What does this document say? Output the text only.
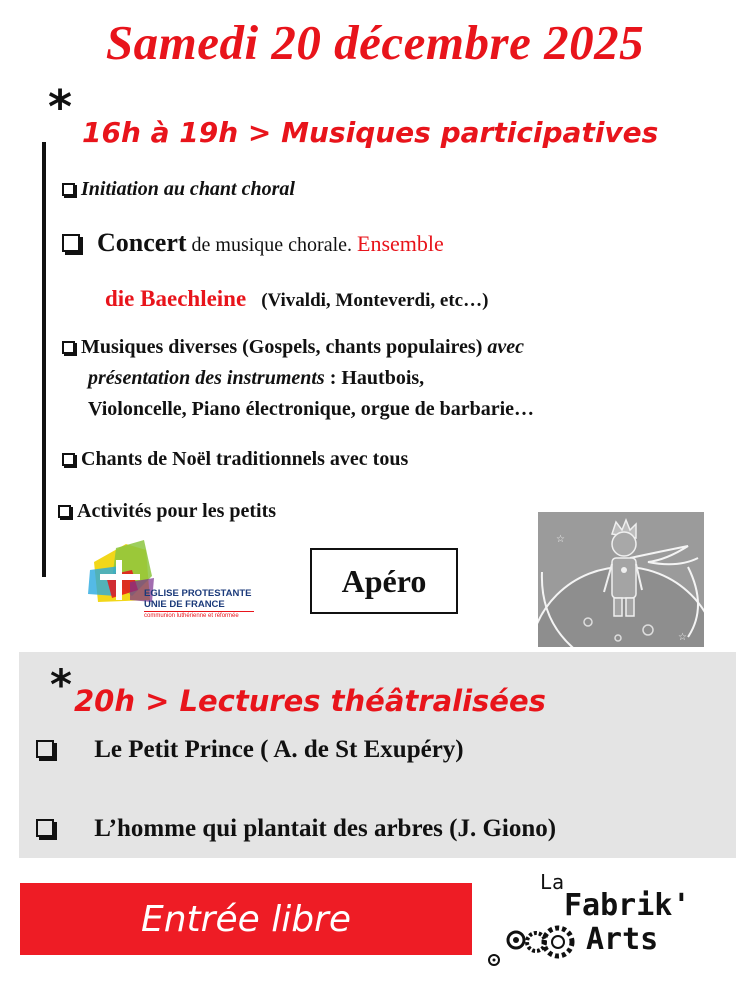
Samedi 20 décembre 2025
* 16h à 19h > Musiques participatives
Initiation au chant choral
Concert de musique chorale. Ensemble
die Baechleine (Vivaldi, Monteverdi, etc…)
Musiques diverses (Gospels, chants populaires) avec
présentation des instruments : Hautbois,
Violoncelle, Piano électronique, orgue de barbarie…
Chants de Noël traditionnels avec tous
Activités pour les petits
EGLISE PROTESTANTE
UNIE DE FRANCE
communion luthérienne et réformée
Apéro
☆
☆
* 20h > Lectures théâtralisées
Le Petit Prince ( A. de St Exupéry)
L’homme qui plantait des arbres (J. Giono)
Entrée libre
La
Fabrik'
Arts
